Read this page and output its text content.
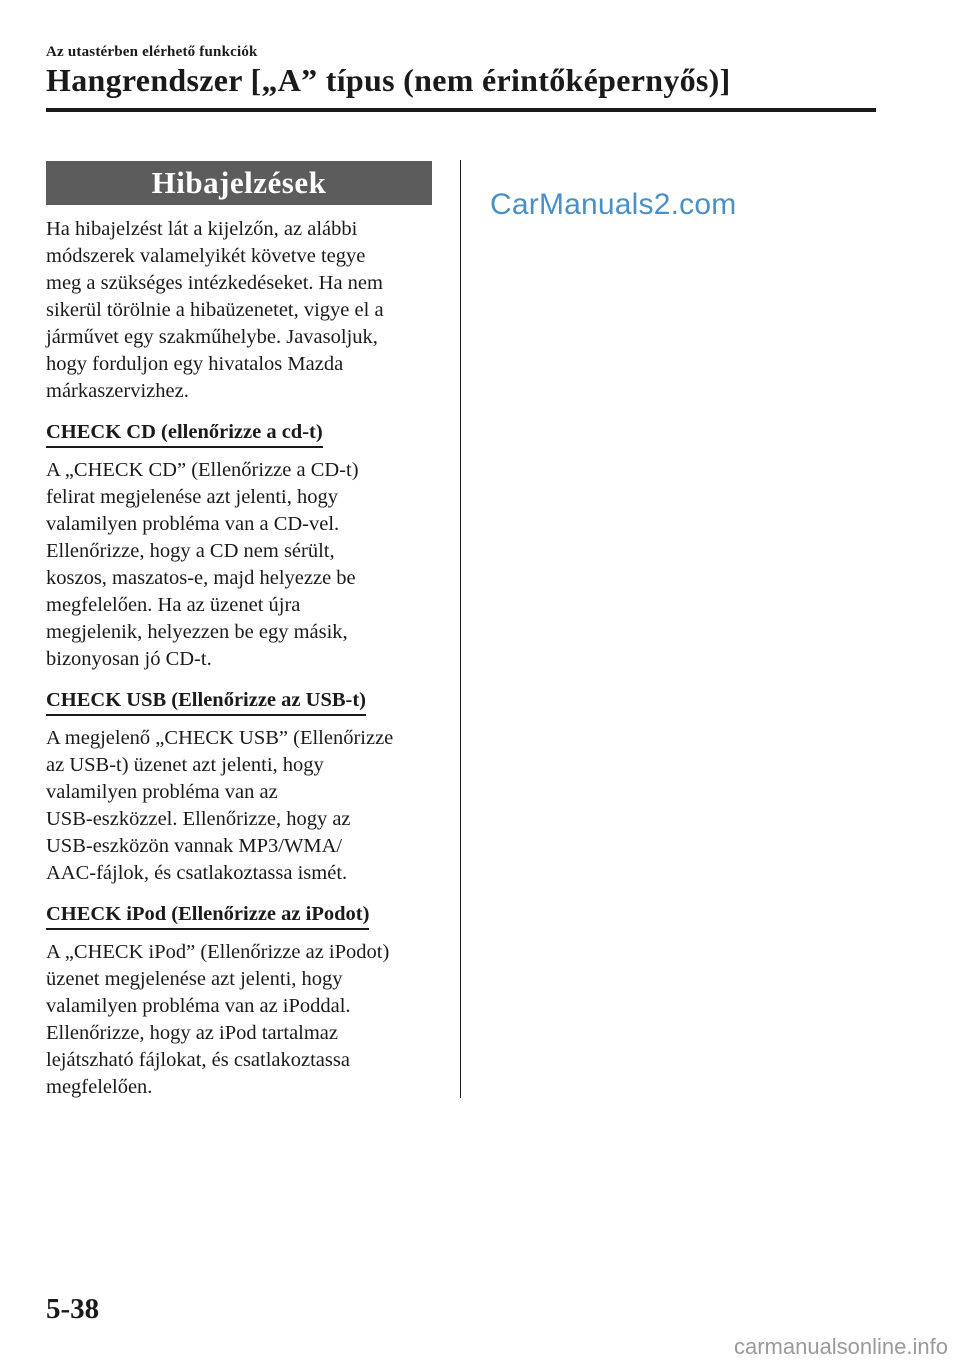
Az utastérben elérhető funkciók
Hangrendszer [„A” típus (nem érintőképernyős)]
Hibajelzések

Ha hibajelzést lát a kijelzőn, az alábbi
módszerek valamelyikét követve tegye
meg a szükséges intézkedéseket. Ha nem
sikerül törölnie a hibaüzenetet, vigye el a
járművet egy szakműhelybe. Javasoljuk,
hogy forduljon egy hivatalos Mazda
márkaszervizhez.

CHECK CD (ellenőrizze a cd-t)

A „CHECK CD” (Ellenőrizze a CD-t)
felirat megjelenése azt jelenti, hogy
valamilyen probléma van a CD-vel.
Ellenőrizze, hogy a CD nem sérült,
koszos, maszatos-e, majd helyezze be
megfelelően. Ha az üzenet újra
megjelenik, helyezzen be egy másik,
bizonyosan jó CD-t.

CHECK USB (Ellenőrizze az USB-t)

A megjelenő „CHECK USB” (Ellenőrizze
az USB-t) üzenet azt jelenti, hogy
valamilyen probléma van az
USB-eszközzel. Ellenőrizze, hogy az
USB-eszközön vannak MP3/WMA/
AAC-fájlok, és csatlakoztassa ismét.

CHECK iPod (Ellenőrizze az iPodot)

A „CHECK iPod” (Ellenőrizze az iPodot)
üzenet megjelenése azt jelenti, hogy
valamilyen probléma van az iPoddal.
Ellenőrizze, hogy az iPod tartalmaz
lejátszható fájlokat, és csatlakoztassa
megfelelően.

CarManuals2.com
5-38
carmanualsonline.info
